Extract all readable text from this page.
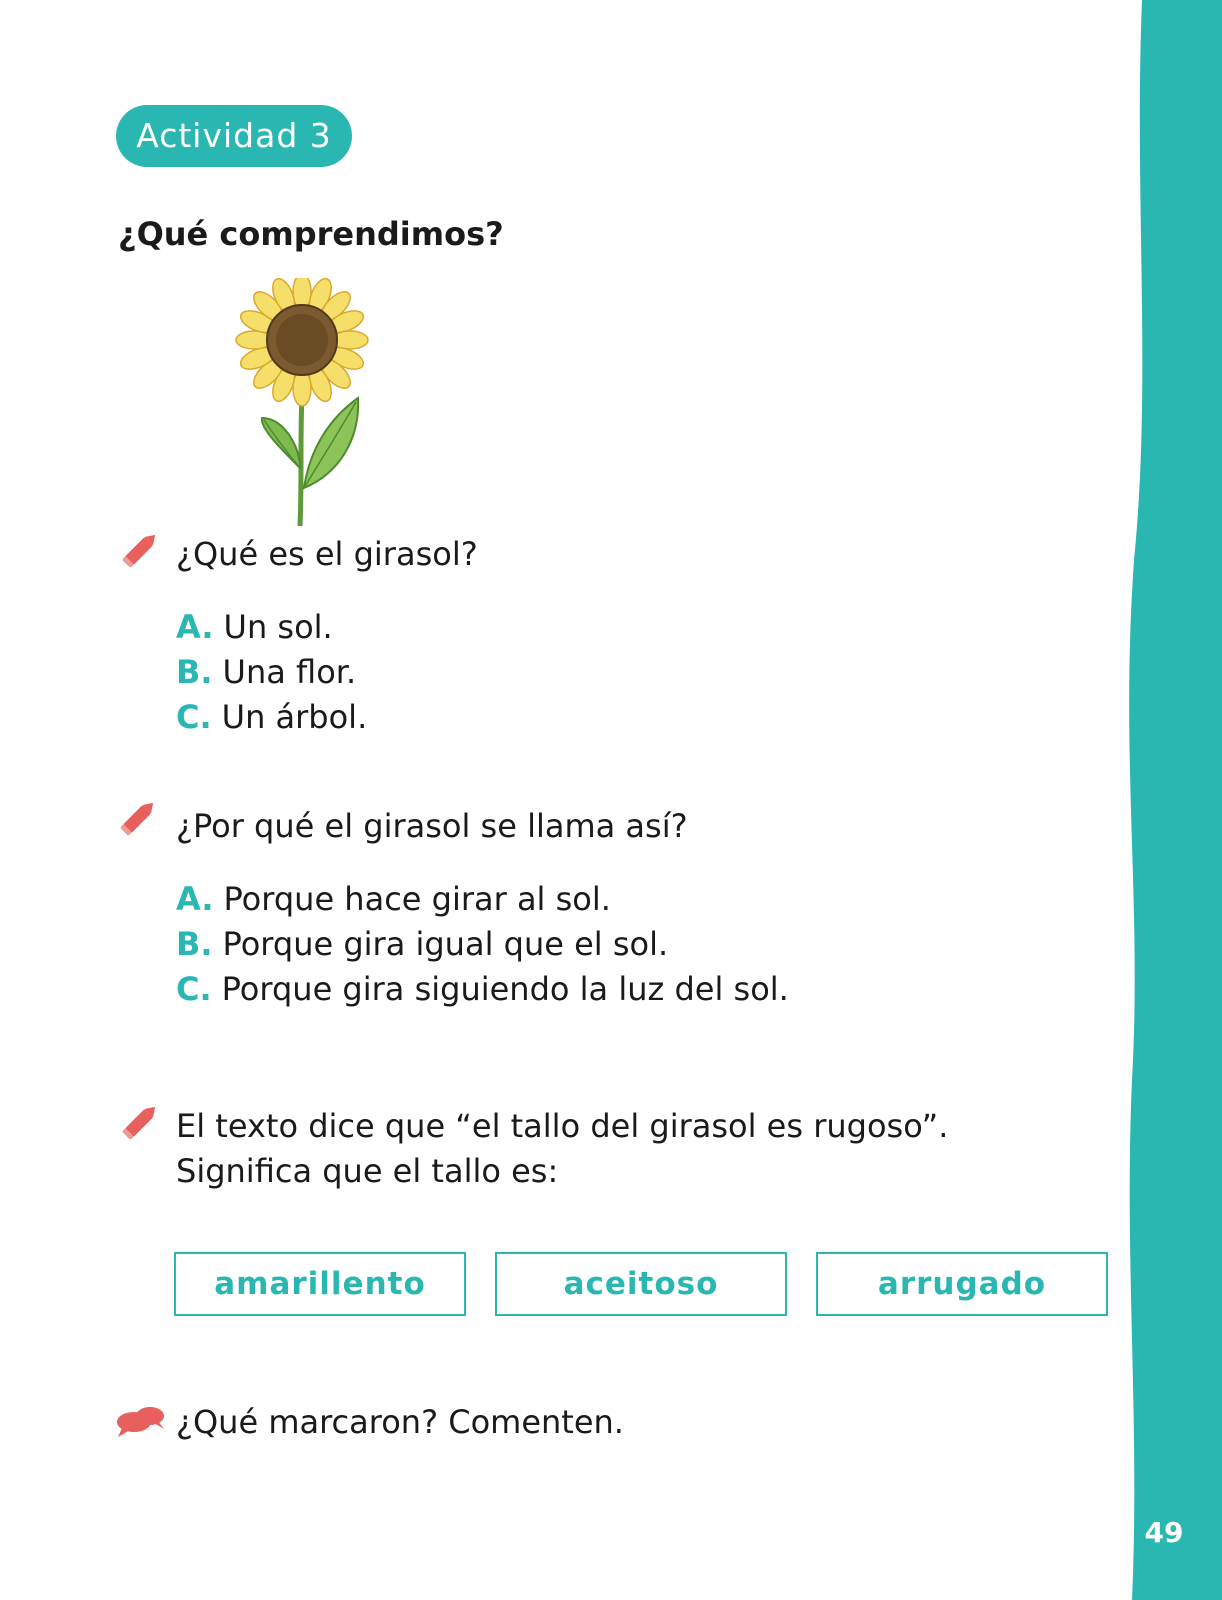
49
Actividad 3
¿Qué comprendimos?
¿Qué es el girasol?
A. Un sol.
B. Una flor.
C. Un árbol.
¿Por qué el girasol se llama así?
A. Porque hace girar al sol.
B. Porque gira igual que el sol.
C. Porque gira siguiendo la luz del sol.
El texto dice que “el tallo del girasol es rugoso”.
Significa que el tallo es:
amarillento	aceitoso	arrugado
¿Qué marcaron? Comenten.
